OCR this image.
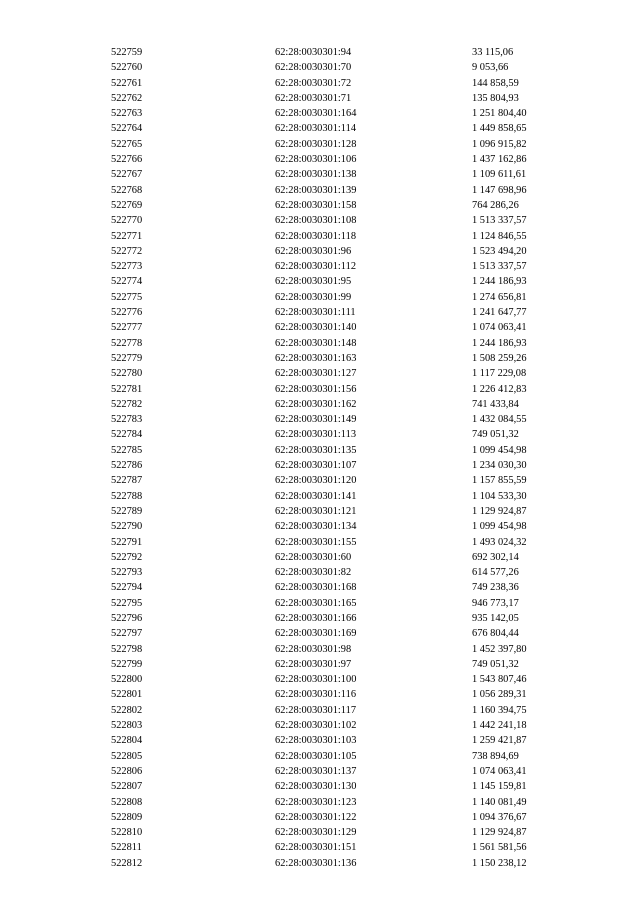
522759	62:28:0030301:94	33 115,06
522760	62:28:0030301:70	9 053,66
522761	62:28:0030301:72	144 858,59
522762	62:28:0030301:71	135 804,93
522763	62:28:0030301:164	1 251 804,40
522764	62:28:0030301:114	1 449 858,65
522765	62:28:0030301:128	1 096 915,82
522766	62:28:0030301:106	1 437 162,86
522767	62:28:0030301:138	1 109 611,61
522768	62:28:0030301:139	1 147 698,96
522769	62:28:0030301:158	764 286,26
522770	62:28:0030301:108	1 513 337,57
522771	62:28:0030301:118	1 124 846,55
522772	62:28:0030301:96	1 523 494,20
522773	62:28:0030301:112	1 513 337,57
522774	62:28:0030301:95	1 244 186,93
522775	62:28:0030301:99	1 274 656,81
522776	62:28:0030301:111	1 241 647,77
522777	62:28:0030301:140	1 074 063,41
522778	62:28:0030301:148	1 244 186,93
522779	62:28:0030301:163	1 508 259,26
522780	62:28:0030301:127	1 117 229,08
522781	62:28:0030301:156	1 226 412,83
522782	62:28:0030301:162	741 433,84
522783	62:28:0030301:149	1 432 084,55
522784	62:28:0030301:113	749 051,32
522785	62:28:0030301:135	1 099 454,98
522786	62:28:0030301:107	1 234 030,30
522787	62:28:0030301:120	1 157 855,59
522788	62:28:0030301:141	1 104 533,30
522789	62:28:0030301:121	1 129 924,87
522790	62:28:0030301:134	1 099 454,98
522791	62:28:0030301:155	1 493 024,32
522792	62:28:0030301:60	692 302,14
522793	62:28:0030301:82	614 577,26
522794	62:28:0030301:168	749 238,36
522795	62:28:0030301:165	946 773,17
522796	62:28:0030301:166	935 142,05
522797	62:28:0030301:169	676 804,44
522798	62:28:0030301:98	1 452 397,80
522799	62:28:0030301:97	749 051,32
522800	62:28:0030301:100	1 543 807,46
522801	62:28:0030301:116	1 056 289,31
522802	62:28:0030301:117	1 160 394,75
522803	62:28:0030301:102	1 442 241,18
522804	62:28:0030301:103	1 259 421,87
522805	62:28:0030301:105	738 894,69
522806	62:28:0030301:137	1 074 063,41
522807	62:28:0030301:130	1 145 159,81
522808	62:28:0030301:123	1 140 081,49
522809	62:28:0030301:122	1 094 376,67
522810	62:28:0030301:129	1 129 924,87
522811	62:28:0030301:151	1 561 581,56
522812	62:28:0030301:136	1 150 238,12
